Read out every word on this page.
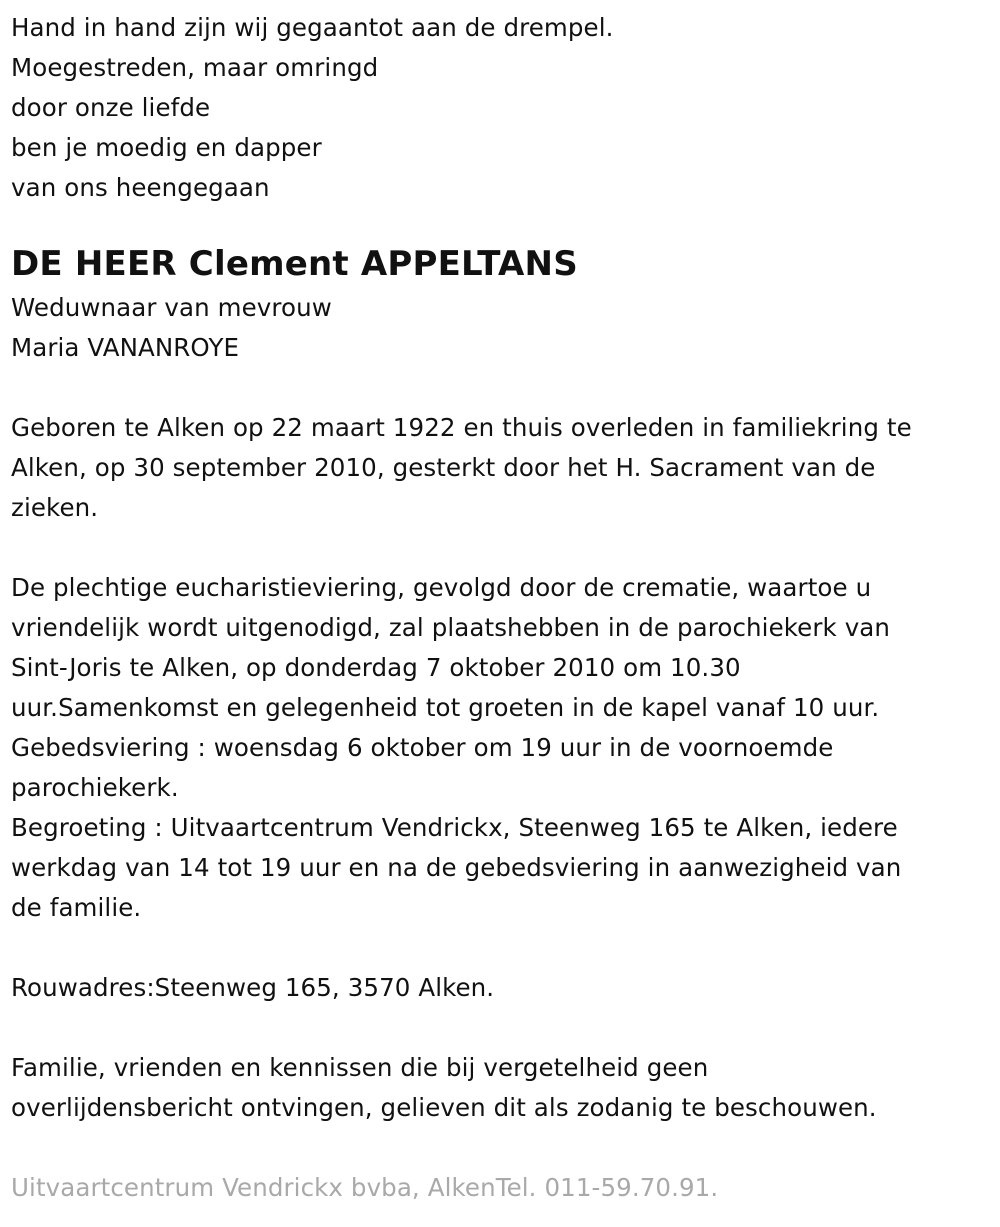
Hand in hand zijn wij gegaantot aan de drempel.
Moegestreden, maar omringd
door onze liefde
ben je moedig en dapper
van ons heengegaan
DE HEER Clement APPELTANS
Weduwnaar van mevrouw
Maria VANANROYE
Geboren te Alken op 22 maart 1922 en thuis overleden in familiekring te
Alken, op 30 september 2010, gesterkt door het H. Sacrament van de
zieken.
De plechtige eucharistieviering, gevolgd door de crematie, waartoe u
vriendelijk wordt uitgenodigd, zal plaatshebben in de parochiekerk van
Sint-Joris te Alken, op donderdag 7 oktober 2010 om 10.30
uur.Samenkomst en gelegenheid tot groeten in de kapel vanaf 10 uur.
Gebedsviering : woensdag 6 oktober om 19 uur in de voornoemde
parochiekerk.
Begroeting : Uitvaartcentrum Vendrickx, Steenweg 165 te Alken, iedere
werkdag van 14 tot 19 uur en na de gebedsviering in aanwezigheid van
de familie.
Rouwadres:Steenweg 165, 3570 Alken.
Familie, vrienden en kennissen die bij vergetelheid geen
overlijdensbericht ontvingen, gelieven dit als zodanig te beschouwen.
Uitvaartcentrum Vendrickx bvba, AlkenTel. 011-59.70.91.
